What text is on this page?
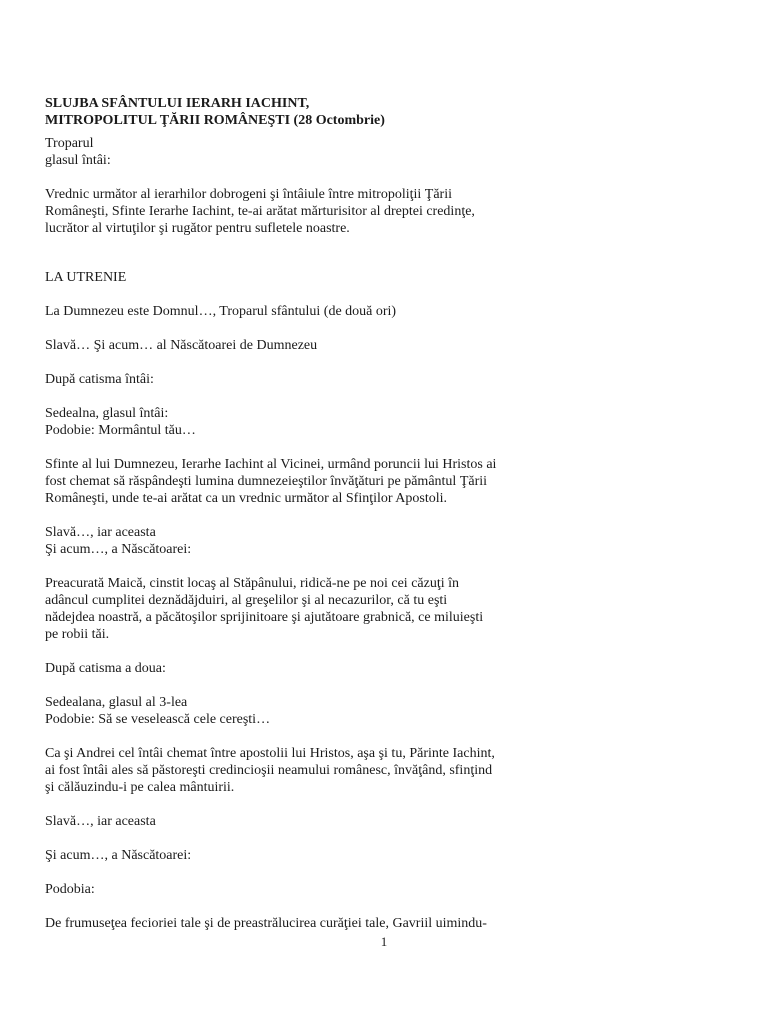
SLUJBA SFÂNTULUI IERARH IACHINT,
MITROPOLITUL ŢĂRII ROMÂNEŞTI (28 Octombrie)

Troparul
glasul întâi:

Vrednic următor al ierarhilor dobrogeni şi întâiule între mitropoliţii Ţării
Româneşti, Sfinte Ierarhe Iachint, te-ai arătat mărturisitor al dreptei credinţe,
lucrător al virtuţilor şi rugător pentru sufletele noastre.

LA UTRENIE

La Dumnezeu este Domnul…, Troparul sfântului (de două ori)

Slavă… Şi acum… al Născătoarei de Dumnezeu

După catisma întâi:

Sedealna, glasul întâi:
Podobie: Mormântul tău…

Sfinte al lui Dumnezeu, Ierarhe Iachint al Vicinei, urmând poruncii lui Hristos ai
fost chemat să răspândeşti lumina dumnezeieştilor învăţături pe pământul Ţării
Româneşti, unde te-ai arătat ca un vrednic următor al Sfinţilor Apostoli.

Slavă…, iar aceasta
Şi acum…, a Născătoarei:

Preacurată Maică, cinstit locaş al Stăpânului, ridică-ne pe noi cei căzuţi în
adâncul cumplitei deznădăjduiri, al greşelilor şi al necazurilor, că tu eşti
nădejdea noastră, a păcătoşilor sprijinitoare şi ajutătoare grabnică, ce miluieşti
pe robii tăi.

După catisma a doua:

Sedealana, glasul al 3-lea
Podobie: Să se veselească cele cereşti…

Ca şi Andrei cel întâi chemat între apostolii lui Hristos, aşa şi tu, Părinte Iachint,
ai fost întâi ales să păstoreşti credincioşii neamului românesc, învăţând, sfinţind
şi călăuzindu-i pe calea mântuirii.

Slavă…, iar aceasta

Şi acum…, a Născătoarei:

Podobia:

De frumuseţea fecioriei tale şi de preastrălucirea curăţiei tale, Gavriil uimindu-

1
